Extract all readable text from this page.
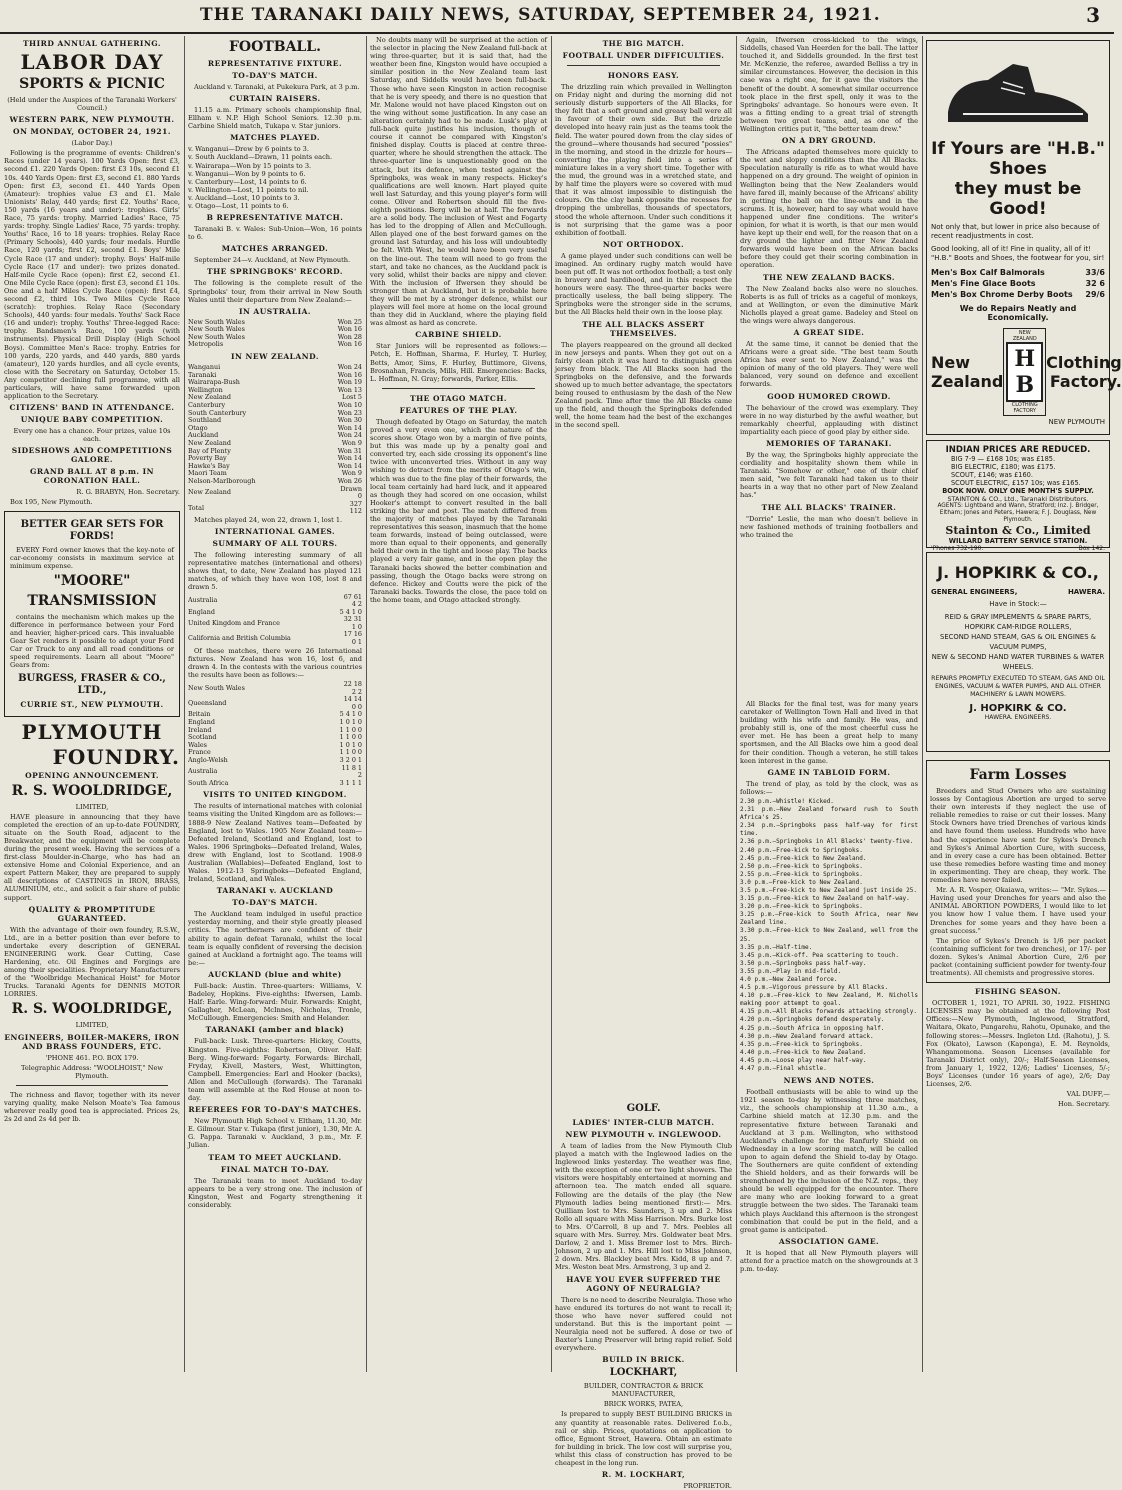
THE TARANAKI DAILY NEWS, SATURDAY, SEPTEMBER 24, 1921.	3

THIRD ANNUAL GATHERING.

LABOR DAY

SPORTS & PICNIC

(Held under the Auspices of the Taranaki Workers' Council.)

WESTERN PARK, NEW PLYMOUTH.

ON MONDAY, OCTOBER 24, 1921.

(Labor Day.)

Following is the programme of events: Children's Races (under 14 years). 100 Yards Open: first £3, second £1. 220 Yards Open: first £3 10s, second £1 10s. 440 Yards Open: first £3, second £1. 880 Yards Open: first £3, second £1. 440 Yards Open (Amateur): trophies value £3 and £1. Male Unionists' Relay, 440 yards; first £2. Youths' Race, 150 yards (16 years and under): trophies. Girls' Race, 75 yards: trophy. Married Ladies' Race, 75 yards: trophy. Single Ladies' Race, 75 yards: trophy. Youths' Race, 16 to 18 years: trophies. Relay Race (Primary Schools), 440 yards; four medals. Hurdle Race, 120 yards; first £2, second £1. Boys' Mile Cycle Race (17 and under): trophy. Boys' Half-mile Cycle Race (17 and under): two prizes donated. Half-mile Cycle Race (open): first £2, second £1. One Mile Cycle Race (open): first £3, second £1 10s. One and a half Miles Cycle Race (open): first £4, second £2, third 10s. Two Miles Cycle Race (scratch): trophies. Relay Race (Secondary Schools), 440 yards: four medals. Youths' Sack Race (16 and under): trophy. Youths' Three-legged Race: trophy. Bandsmen's Race, 100 yards (with instruments). Physical Drill Display (High School Boys). Committee Men's Race: trophy. Entries for 100 yards, 220 yards, and 440 yards, 880 yards (amateur), 120 yards hurdles, and all cycle events, close with the Secretary on Saturday, October 15. Any competitor declining full programme, with all particulars, will have same forwarded upon application to the Secretary.

CITIZENS' BAND IN ATTENDANCE.

UNIQUE BABY COMPETITION.

Every one has a chance. Four prizes, value 10s each.

SIDESHOWS AND COMPETITIONS GALORE.

GRAND BALL AT 8 p.m. IN CORONATION HALL.

R. G. BRABYN, Hon. Secretary.

Box 195, New Plymouth.

BETTER GEAR SETS FOR FORDS!

EVERY Ford owner knows that the key-note of car-economy consists in maximum service at minimum expense.

"MOORE"

TRANSMISSION

contains the mechanism which makes up the difference in performance between your Ford and heavier, higher-priced cars. This invaluable Gear Set renders it possible to adapt your Ford Car or Truck to any and all road conditions or speed requirements. Learn all about "Moore" Gears from:

BURGESS, FRASER & CO., LTD.,

CURRIE ST., NEW PLYMOUTH.

PLYMOUTH

FOUNDRY.

OPENING ANNOUNCEMENT.

R. S. WOOLDRIDGE,

LIMITED,

HAVE pleasure in announcing that they have completed the erection of an up-to-date FOUNDRY, situate on the South Road, adjacent to the Breakwater, and the equipment will be complete during the present week. Having the services of a first-class Moulder-in-Charge, who has had an extensive Home and Colonial Experience, and an expert Pattern Maker, they are prepared to supply all descriptions of CASTINGS in IRON, BRASS, ALUMINIUM, etc., and solicit a fair share of public support.

QUALITY & PROMPTITUDE GUARANTEED.

With the advantage of their own foundry, R.S.W., Ltd., are in a better position than ever before to undertake every description of GENERAL ENGINEERING work. Gear Cutting, Case Hardening, etc. Oil Engines and Forgings are among their specialities. Proprietary Manufacturers of the "Woolbridge Mechanical Hoist" for Motor Trucks. Taranaki Agents for DENNIS MOTOR LORRIES.

R. S. WOOLDRIDGE,

LIMITED,

ENGINEERS, BOILER-MAKERS, IRON AND BRASS FOUNDERS, ETC.

'PHONE 461. P.O. BOX 179.

Telegraphic Address: "WOOLHOIST," New Plymouth.

The richness and flavor, together with its never varying quality, make Nelson Moate's Tea famous wherever really good tea is appreciated. Prices 2s, 2s 2d and 2s 4d per lb.

FOOTBALL.

REPRESENTATIVE FIXTURE.

TO-DAY'S MATCH.

Auckland v. Taranaki, at Pukekura Park, at 3 p.m.

CURTAIN RAISERS.

11.15 a.m. Primary schools championship final, Ellham v. N.P. High School Seniors. 12.30 p.m. Carbine Shield match, Tukapa v. Star juniors.

MATCHES PLAYED.

v. Wanganui—Drew by 6 points to 3.
v. South Auckland—Drawn, 11 points each.
v. Wairarapa—Won by 15 points to 3.
v. Wanganui—Won by 9 points to 6.
v. Canterbury—Lost, 14 points to 6.
v. Wellington—Lost, 11 points to nil.
v. Auckland—Lost, 10 points to 3.
v. Otago—Lost, 11 points to 6.

B REPRESENTATIVE MATCH.

Taranaki B. v. Wales: Sub-Union—Won, 16 points to 6.

MATCHES ARRANGED.

September 24—v. Auckland, at New Plymouth.

THE SPRINGBOKS' RECORD.

The following is the complete result of the Springboks' tour, from their arrival in New South Wales until their departure from New Zealand:—

IN AUSTRALIA.

New South Wales	Won 25
New South Wales	Won 16
New South Wales	Won 28
Metropolis	Won 16

IN NEW ZEALAND.

Wanganui	Won 24
Taranaki	Won 16
Wairarapa-Bush	Won 19
Wellington	Won 13
New Zealand	Lost 5
Canterbury	Won 10
South Canterbury	Won 23
Southland	Won 30
Otago	Won 14
Auckland	Won 24
New Zealand	Won 9
Bay of Plenty	Won 31
Poverty Bay	Won 14
Hawke's Bay	Won 14
Maori Team	Won 9
Nelson-Marlborough	Won 26
New Zealand	Drawn 0
Total	327 112

Matches played 24, won 22, drawn 1, lost 1.

INTERNATIONAL GAMES.

SUMMARY OF ALL TOURS.

The following interesting summary of all representative matches (international and others) shows that, to date, New Zealand has played 121 matches, of which they have won 108, lost 8 and drawn 5.

Australia	67 61 4 2
England	5 4 1 0
United Kingdom and France	32 31 1 0
California and British Columbia	17 16 0 1

Of these matches, there were 26 International fixtures. New Zealand has won 16, lost 6, and drawn 4. In the contests with the various countries the results have been as follows:—

New South Wales	22 18 2 2
Queensland	14 14 0 0
Britain	5 4 1 0
England	1 0 1 0
Ireland	1 1 0 0
Scotland	1 1 0 0
Wales	1 0 1 0
France	1 1 0 0
Anglo-Welsh	3 2 0 1
Australia	11 8 1 2
South Africa	3 1 1 1

VISITS TO UNITED KINGDOM.

The results of international matches with colonial teams visiting the United Kingdom are as follows:— 1888-9 New Zealand Natives team—Defeated by England, lost to Wales. 1905 New Zealand team—Defeated Ireland, Scotland and England, lost to Wales. 1906 Springboks—Defeated Ireland, Wales, drew with England, lost to Scotland. 1908-9 Australian (Wallabies)—Defeated England, lost to Wales. 1912-13 Springboks—Defeated England, Ireland, Scotland, and Wales.

TARANAKI v. AUCKLAND

TO-DAY'S MATCH.

The Auckland team indulged in useful practice yesterday morning, and their style greatly pleased critics. The northerners are confident of their ability to again defeat Taranaki, whilst the local team is equally confident of reversing the decision gained at Auckland a fortnight ago. The teams will be:—

AUCKLAND (blue and white)

Full-back: Austin. Three-quarters: Williams, V. Badeley, Hopkins. Five-eighths: Ifwersen, Lamb. Half: Earle. Wing-forward: Muir. Forwards: Knight, Gallagher, McLean, McInnes, Nicholas, Tronle, McCullough. Emergencies: Smith and Helander.

TARANAKI (amber and black)

Full-back: Lusk. Three-quarters: Hickey, Coutts, Kingston. Five-eighths: Robertson, Oliver. Half: Berg. Wing-forward: Fogarty. Forwards: Birchall, Fryday, Kivell, Masters, West, Whittington, Campbell. Emergencies: Earl and Hooker (backs), Allen and McCullough (forwards). The Taranaki team will assemble at the Red House at noon to-day.

REFEREES FOR TO-DAY'S MATCHES.

New Plymouth High School v. Eltham, 11.30, Mr. E. Gilmour. Star v. Tukapa (first junior), 1.30, Mr. A. G. Pappa. Taranaki v. Auckland, 3 p.m., Mr. F. Julian.

TEAM TO MEET AUCKLAND.

FINAL MATCH TO-DAY.

The Taranaki team to meet Auckland to-day appears to be a very strong one. The inclusion of Kingston, West and Fogarty strengthening it considerably.

No doubts many will be surprised at the action of the selector in placing the New Zealand full-back at wing three-quarter, but it is said that, had the weather been fine, Kingston would have occupied a similar position in the New Zealand team last Saturday, and Siddells would have been full-back. Those who have seen Kingston in action recognise that he is very speedy, and there is no question that Mr. Malone would not have placed Kingston out on the wing without some justification. In any case an alteration certainly had to be made. Lusk's play at full-back quite justifies his inclusion, though of course it cannot be compared with Kingston's finished display. Coutts is placed at centre three-quarter, where he should strengthen the attack. The three-quarter line is unquestionably good on the attack, but its defence, when tested against the Springboks, was weak in many respects. Hickey's qualifications are well known. Hart played quite well last Saturday, and this young player's form will come. Oliver and Robertson should fill the five-eighth positions. Berg will be at half. The forwards are a solid body. The inclusion of West and Fogarty has led to the dropping of Allen and McCullough. Allen played one of the best forward games on the ground last Saturday, and his loss will undoubtedly be felt. With West, he would have been very useful on the line-out. The team will need to go from the start, and take no chances, as the Auckland pack is very solid, whilst their backs are nippy and clever. With the inclusion of Ifwersen they should be stronger than at Auckland, but it is probable here they will be met by a stronger defence, whilst our players will feel more at home on the local ground than they did in Auckland, where the playing field was almost as hard as concrete.

CARBINE SHIELD.

Star Juniors will be represented as follows:—Petch, E. Hoffman, Sharma, F. Hurley, T. Hurley, Betts, Amor, Sims, F. Hurley, Buttimore, Givens, Brosnahan, Francis, Mills, Hill. Emergencies: Backs, L. Hoffman, N. Gray; forwards, Parker, Ellis.

THE OTAGO MATCH.

FEATURES OF THE PLAY.

Though defeated by Otago on Saturday, the match proved a very even one, which the nature of the scores show. Otago won by a margin of five points, but this was made up by a penalty goal and converted try, each side crossing its opponent's line twice with unconverted tries. Without in any way wishing to detract from the merits of Otago's win, which was due to the fine play of their forwards, the local team certainly had hard luck, and it appeared as though they had scored on one occasion, whilst Hooker's attempt to convert resulted in the ball striking the bar and post. The match differed from the majority of matches played by the Taranaki representatives this season, inasmuch that the home team forwards, instead of being outclassed, were more than equal to their opponents, and generally held their own in the tight and loose play. The backs played a very fair game, and in the open play the Taranaki backs showed the better combination and passing, though the Otago backs were strong on defence. Hickey and Coutts were the pick of the Taranaki backs. Towards the close, the pace told on the home team, and Otago attacked strongly.

THE BIG MATCH.

FOOTBALL UNDER DIFFICULTIES.

HONORS EASY.

The drizzling rain which prevailed in Wellington on Friday night and during the morning did not seriously disturb supporters of the All Blacks, for they felt that a soft ground and greasy ball were all in favour of their own side. But the drizzle developed into heavy rain just as the teams took the field. The water poured down from the clay sides of the ground—where thousands had secured "possies" in the morning, and stood in the drizzle for hours—converting the playing field into a series of miniature lakes in a very short time. Together with the mud, the ground was in a wretched state, and by half time the players were so covered with mud that it was almost impossible to distinguish the colours. On the clay bank opposite the recesses for dropping the umbrellas, thousands of spectators, stood the whole afternoon. Under such conditions it is not surprising that the game was a poor exhibition of football.

NOT ORTHODOX.

A game played under such conditions can well be imagined. An ordinary rugby match would have been put off. It was not orthodox football; a test only in bravery and hardihood, and in this respect the honours were easy. The three-quarter backs were practically useless, the ball being slippery. The Springboks were the stronger side in the scrums, but the All Blacks held their own in the loose play.

THE ALL BLACKS ASSERT THEMSELVES.

The players reappeared on the ground all decked in new jerseys and pants. When they got out on a fairly clean pitch it was hard to distinguish green jersey from black. The All Blacks soon had the Springboks on the defensive, and the forwards showed up to much better advantage, the spectators being roused to enthusiasm by the dash of the New Zealand pack. Time after time the All Blacks came up the field, and though the Springboks defended well, the home team had the best of the exchanges in the second spell.

Again, Ifwersen cross-kicked to the wings, Siddells, chased Van Heerden for the ball. The latter touched it, and Siddells grounded. In the first test Mr. McKenzie, the referee, awarded Belliss a try in similar circumstances. However, the decision in this case was a right one, for it gave the visitors the benefit of the doubt. A somewhat similar occurrence took place in the first spell, only it was to the Springboks' advantage. So honours were even. It was a fitting ending to a great trial of strength between two great teams, and, as one of the Wellington critics put it, "the better team drew."

ON A DRY GROUND.

The Africans adapted themselves more quickly to the wet and sloppy conditions than the All Blacks. Speculation naturally is rife as to what would have happened on a dry ground. The weight of opinion in Wellington being that the New Zealanders would have fared ill, mainly because of the Africans' ability in getting the ball on the line-outs and in the scrums. It is, however, hard to say what would have happened under fine conditions. The writer's opinion, for what it is worth, is that our men would have kept up their end well, for the reason that on a dry ground the lighter and fitter New Zealand forwards would have been on the African backs before they could get their scoring combination in operation.

THE NEW ZEALAND BACKS.

The New Zealand backs also were no slouches. Roberts is as full of tricks as a cageful of monkeys, and at Wellington, or even the diminutive Mark Nicholls played a great game. Badeley and Steel on the wings were always dangerous.

A GREAT SIDE.

At the same time, it cannot be denied that the Africans were a great side. "The best team South Africa has ever sent to New Zealand," was the opinion of many of the old players. They were well balanced, very sound on defence and excellent forwards.

GOOD HUMORED CROWD.

The behaviour of the crowd was exemplary. They were in no way disturbed by the awful weather, but remarkably cheerful, applauding with distinct impartiality each piece of good play by either side.

MEMORIES OF TARANAKI.

By the way, the Springboks highly appreciate the cordiality and hospitality shown them while in Taranaki. "Somehow or other," one of their chief men said, "we felt Taranaki had taken us to their hearts in a way that no other part of New Zealand has."

THE ALL BLACKS' TRAINER.

"Dorrie" Leslie, the man who doesn't believe in new fashioned methods of training footballers and who trained the

If Yours are "H.B." Shoes
they must be Good!
Not only that, but lower in price also because of recent readjustments in cost.
Good looking, all of it! Fine in quality, all of it! "H.B." Boots and Shoes, the footwear for you, sir!
Men's Box Calf Balmorals	33/6
Men's Fine Glace Boots	32 6
Men's Box Chrome Derby Boots 29/6
We do Repairs Neatly and Economically.
New
Zealand
NEW ZEALAND
H B
CLOTHING FACTORY
Clothing
Factory.
NEW PLYMOUTH
INDIAN PRICES ARE REDUCED.
BIG 7-9 — £168 10s; was £185.
BIG ELECTRIC, £180; was £175.
SCOUT, £146; was £160.
SCOUT ELECTRIC, £157 10s; was £165.
BOOK NOW. ONLY ONE MONTH'S SUPPLY.
STAINTON & CO., Ltd., Taranaki Distributors.
AGENTS: Lightband and Wann, Stratford; Inz. J. Bridger, Eltham; Jones and Peters, Hawera; F. J. Douglass, New Plymouth.
Stainton & Co., Limited
WILLARD BATTERY SERVICE STATION.
'Phones 732-190.	Box 142.
J. HOPKIRK & CO.,
GENERAL ENGINEERS,	HAWERA.
Have in Stock:—
REID & GRAY IMPLEMENTS & SPARE PARTS,
HOPKIRK CAM-RIDGE ROLLERS,
SECOND HAND STEAM, GAS & OIL ENGINES & VACUUM PUMPS,
NEW & SECOND HAND WATER TURBINES & WATER WHEELS.
REPAIRS PROMPTLY EXECUTED TO STEAM, GAS AND OIL ENGINES, VACUUM & WATER PUMPS, AND ALL OTHER MACHINERY & LAWN MOWERS.
J. HOPKIRK & CO.
HAWERA. ENGINEERS.

Farm Losses

Breeders and Stud Owners who are sustaining losses by Contagious Abortion are urged to serve their own interests if they neglect the use of reliable remedies to raise or cut their losses. Many Stock Owners have tried Drenches of various kinds and have found them useless. Hundreds who have had the experience have sent for Sykes's Drench and Sykes's Animal Abortion Cure, with success, and in every case a cure has been obtained. Better use these remedies before wasting time and money in experimenting. They are cheap, they work. The remedies have never failed.

Mr. A. R. Vosper, Okaiawa, writes:— "Mr. Sykes.—Having used your Drenches for years and also the ANIMAL ABORTION POWDERS, I would like to let you know how I value them. I have used your Drenches for some years and they have been a great success."

The price of Sykes's Drench is 1/6 per packet (containing sufficient for two drenches), or 17/- per dozen. Sykes's Animal Abortion Cure, 2/6 per packet (containing sufficient powder for twenty-four treatments). All chemists and progressive stores.

FISHING SEASON.

OCTOBER 1, 1921, TO APRIL 30, 1922. FISHING LICENSES may be obtained at the following Post Offices:—New Plymouth, Inglewood, Stratford, Waitara, Okato, Pungarehu, Rahotu, Opunake, and the following stores:—Messrs. Ingleton Ltd. (Rahotu), J. S. Fox (Okato), Lawson (Kaponga), E. M. Reynolds, Whangamomona. Season Licenses (available for Taranaki District only), 20/-; Half-Season Licenses, from January 1, 1922, 12/6; Ladies' Licenses, 5/-; Boys' Licenses (under 16 years of age), 2/6; Day Licenses, 2/6.

VAL DUFF,—

Hon. Secretary.

All Blacks for the final test, was for many years caretaker of Wellington Town Hall and lived in that building with his wife and family. He was, and probably still is, one of the most cheerful cuss he ever met. He has been a great help to many sportsmen, and the All Blacks owe him a good deal for their condition. Though a veteran, he still takes keen interest in the game.

GAME IN TABLOID FORM.

The trend of play, as told by the clock, was as follows:—

2.30 p.m.—Whistle! Kicked.
2.31 p.m.—New Zealand forward rush to South Africa's 25.
2.34 p.m.—Springboks pass half-way for first time.
2.36 p.m.—Springboks in All Blacks' twenty-five.
2.40 p.m.—Free-kick to Springboks.
2.45 p.m.—Free-kick to New Zealand.
2.50 p.m.—Free-kick to Springboks.
2.55 p.m.—Free-kick to Springboks.
3.0 p.m.—Free-kick to New Zealand.
3.5 p.m.—Free-kick to New Zealand just inside 25.
3.15 p.m.—Free-kick to New Zealand on half-way.
3.20 p.m.—Free-kick to Springboks.
3.25 p.m.—Free-kick to South Africa, near New Zealand line.
3.30 p.m.—Free-kick to New Zealand, well from the 25.
3.35 p.m.—Half-time.
3.45 p.m.—Kick-off. Pea scattering to touch.
3.50 p.m.—Springboks pass half-way.
3.55 p.m.—Play in mid-field.
4.0 p.m.—New Zealand force.
4.5 p.m.—Vigorous pressure by All Blacks.
4.10 p.m.—Free-kick to New Zealand, M. Nicholls making poor attempt to goal.
4.15 p.m.—All Blacks forwards attacking strongly.
4.20 p.m.—Springboks defend desperately.
4.25 p.m.—South Africa in opposing half.
4.30 p.m.—New Zealand forward attack.
4.35 p.m.—Free-kick to Springboks.
4.40 p.m.—Free-kick to New Zealand.
4.45 p.m.—Loose play near half-way.
4.47 p.m.—Final whistle.

NEWS AND NOTES.

Football enthusiasts will be able to wind up the 1921 season to-day by witnessing three matches, viz., the schools championship at 11.30 a.m., a Carbine shield match at 12.30 p.m. and the representative fixture between Taranaki and Auckland at 3 p.m. Wellington, who withstood Auckland's challenge for the Ranfurly Shield on Wednesday in a low scoring match, will be called upon to again defend the Shield to-day by Otago. The Southerners are quite confident of extending the Shield holders, and as their forwards will be strengthened by the inclusion of the N.Z. reps., they should be well equipped for the encounter. There are many who are looking forward to a great struggle between the two sides. The Taranaki team which plays Auckland this afternoon is the strongest combination that could be put in the field, and a great game is anticipated.

ASSOCIATION GAME.

It is hoped that all New Plymouth players will attend for a practice match on the showgrounds at 3 p.m. to-day.

GOLF.

LADIES' INTER-CLUB MATCH.

NEW PLYMOUTH v. INGLEWOOD.

A team of ladies from the New Plymouth Club played a match with the Inglewood ladies on the Inglewood links yesterday. The weather was fine, with the exception of one or two light showers. The visitors were hospitably entertained at morning and afternoon tea. The match ended all square. Following are the details of the play (the New Plymouth ladies being mentioned first):— Mrs. Quilliam lost to Mrs. Saunders, 3 up and 2. Miss Rollo all square with Miss Harrison. Mrs. Burke lost to Mrs. O'Carroll, 8 up and 7. Mrs. Peebles all square with Mrs. Surrey. Mrs. Goldwater beat Mrs. Darlow, 2 and 1. Miss Bremer lost to Mrs. Birch-Johnson, 2 up and 1. Mrs. Hill lost to Miss Johnson, 2 down. Mrs. Blackley beat Mrs. Kidd, 8 up and 7. Mrs. Weston beat Mrs. Armstrong, 3 up and 2.

HAVE YOU EVER SUFFERED THE AGONY OF NEURALGIA?

There is no need to describe Neuralgia. Those who have endured its tortures do not want to recall it; those who have never suffered could not understand. But this is the important point — Neuralgia need not be suffered. A dose or two of Baxter's Lung Preserver will bring rapid relief. Sold everywhere.

BUILD IN BRICK.

LOCKHART,

BUILDER, CONTRACTOR & BRICK MANUFACTURER,

BRICK WORKS, PATEA,

Is prepared to supply BEST BUILDING BRICKS in any quantity at reasonable rates. Delivered f.o.b., rail or ship. Prices, quotations on application to office, Egmont Street, Hawera. Obtain an estimate for building in brick. The low cost will surprise you, whilst this class of construction has proved to be cheapest in the long run.

R. M. LOCKHART,

PROPRIETOR.
